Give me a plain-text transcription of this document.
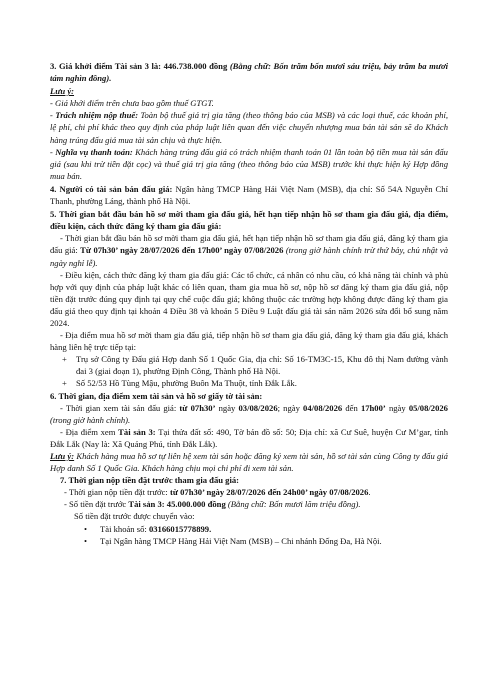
3. Giá khởi điểm Tài sản 3 là: 446.738.000 đồng (Bằng chữ: Bốn trăm bốn mươi sáu triệu, bảy trăm ba mươi tám nghìn đồng).

Lưu ý:

- Giá khởi điểm trên chưa bao gồm thuế GTGT.

- Trách nhiệm nộp thuế: Toàn bộ thuế giá trị gia tăng (theo thông báo của MSB) và các loại thuế, các khoản phí, lệ phí, chi phí khác theo quy định của pháp luật liên quan đến việc chuyển nhượng mua bán tài sản sẽ do Khách hàng trúng đấu giá mua tài sản chịu và thực hiện.

- Nghĩa vụ thanh toán: Khách hàng trúng đấu giá có trách nhiệm thanh toán 01 lần toàn bộ tiền mua tài sản đấu giá (sau khi trừ tiền đặt cọc) và thuế giá trị gia tăng (theo thông báo của MSB) trước khi thực hiện ký Hợp đồng mua bán.

4. Người có tài sản bán đấu giá: Ngân hàng TMCP Hàng Hải Việt Nam (MSB), địa chỉ: Số 54A Nguyễn Chí Thanh, phường Láng, thành phố Hà Nội.

5. Thời gian bắt đầu bán hồ sơ mời tham gia đấu giá, hết hạn tiếp nhận hồ sơ tham gia đấu giá, địa điểm, điều kiện, cách thức đăng ký tham gia đấu giá:

- Thời gian bắt đầu bán hồ sơ mời tham gia đấu giá, hết hạn tiếp nhận hồ sơ tham gia đấu giá, đăng ký tham gia đấu giá: Từ 07h30’ ngày 28/07/2026 đến 17h00’ ngày 07/08/2026 (trong giờ hành chính trừ thứ bảy, chủ nhật và ngày nghỉ lễ).

- Điều kiện, cách thức đăng ký tham gia đấu giá: Các tổ chức, cá nhân có nhu cầu, có khả năng tài chính và phù hợp với quy định của pháp luật khác có liên quan, tham gia mua hồ sơ, nộp hồ sơ đăng ký tham gia đấu giá, nộp tiền đặt trước đúng quy định tại quy chế cuộc đấu giá; không thuộc các trường hợp không được đăng ký tham gia đấu giá theo quy định tại khoản 4 Điều 38 và khoản 5 Điều 9 Luật đấu giá tài sản năm 2026 sửa đổi bổ sung năm 2024.

- Địa điểm mua hồ sơ mời tham gia đấu giá, tiếp nhận hồ sơ tham gia đấu giá, đăng ký tham gia đấu giá, khách hàng liên hệ trực tiếp tại:

+	Trụ sở Công ty Đấu giá Hợp danh Số 1 Quốc Gia, địa chỉ: Số 16-TM3C-15, Khu đô thị Nam đường vành đai 3 (giai đoạn 1), phường Định Công, Thành phố Hà Nội.
+	Số 52/53 Hồ Tùng Mậu, phường Buôn Ma Thuột, tỉnh Đắk Lắk.

6. Thời gian, địa điểm xem tài sản và hồ sơ giấy tờ tài sản:

- Thời gian xem tài sản đấu giá: từ 07h30’ ngày 03/08/2026; ngày 04/08/2026 đến 17h00’ ngày 05/08/2026 (trong giờ hành chính).

- Địa điểm xem Tài sản 3: Tại thửa đất số: 490, Tờ bản đồ số: 50; Địa chỉ: xã Cư Suê, huyện Cư M’gar, tỉnh Đắk Lắk (Nay là: Xã Quảng Phú, tỉnh Đắk Lắk).

Lưu ý: Khách hàng mua hồ sơ tự liên hệ xem tài sản hoặc đăng ký xem tài sản, hồ sơ tài sản cùng Công ty đấu giá Hợp danh Số 1 Quốc Gia. Khách hàng chịu mọi chi phí đi xem tài sản.

7. Thời gian nộp tiền đặt trước tham gia đấu giá:

- Thời gian nộp tiền đặt trước: từ 07h30’ ngày 28/07/2026 đến 24h00’ ngày 07/08/2026.

- Số tiền đặt trước Tài sản 3: 45.000.000 đồng (Bằng chữ: Bốn mươi lăm triệu đồng).

Số tiền đặt trước được chuyển vào:

•	Tài khoản số: 03166015778899.
•	Tại Ngân hàng TMCP Hàng Hải Việt Nam (MSB) – Chi nhánh Đống Đa, Hà Nội.
